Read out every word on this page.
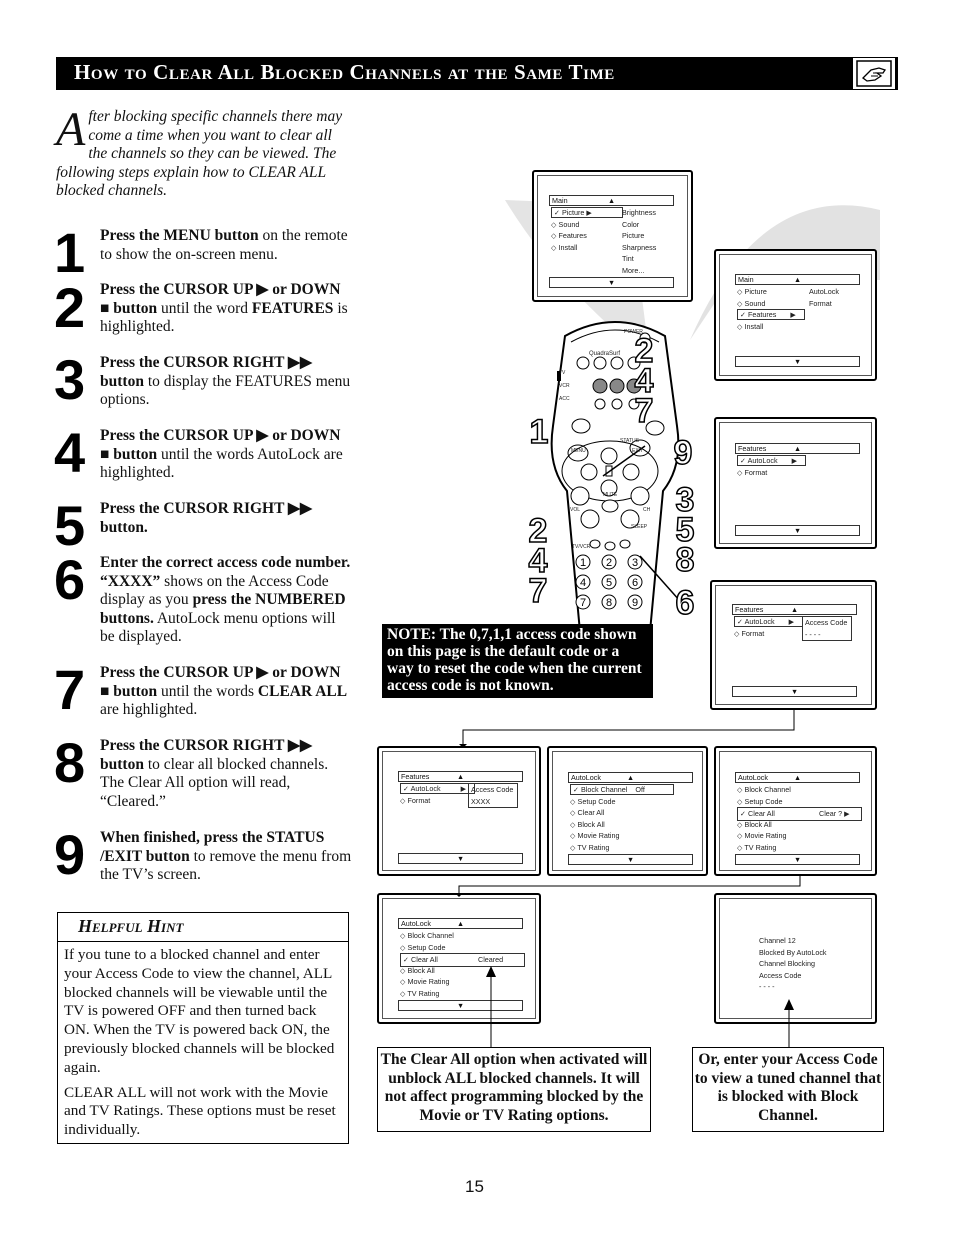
How to Clear All Blocked Channels at the Same Time
After blocking specific channels there may come a time when you want to clear all the channels so they can be viewed. The following steps explain how to CLEAR ALL blocked channels.
1 Press the MENU button on the remote to show the on-screen menu.
2 Press the CURSOR UP ▶ or DOWN ■ button until the word FEATURES is highlighted.
3 Press the CURSOR RIGHT ▶▶ button to display the FEATURES menu options.
4 Press the CURSOR UP ▶ or DOWN ■ button until the words AutoLock are highlighted.
5 Press the CURSOR RIGHT ▶▶ button.
6 Enter the correct access code number. “XXXX” shows on the Access Code display as you press the NUMBERED buttons. AutoLock menu options will be displayed.
7 Press the CURSOR UP ▶ or DOWN ■ button until the words CLEAR ALL are highlighted.
8 Press the CURSOR RIGHT ▶▶ button to clear all blocked channels. The Clear All option will read, “Cleared.”
9 When finished, press the STATUS /EXIT button to remove the menu from the TV’s screen.
Helpful Hint

If you tune to a blocked channel and enter your Access Code to view the channel, ALL blocked channels will be viewable until the TV is powered OFF and then turned back ON. When the TV is powered back ON, the previously blocked channels will be blocked again.

CLEAR ALL will not work with the Movie and TV Ratings. These options must be reset individually.

Main	▲
✓ Picture ▶
◇ Sound
◇ Features
◇ Install
Brightness
Color
Picture
Sharpness
Tint
More...
▼	Main	▲
◇ Picture
◇ Sound
✓ Features       ▶
◇ Install
AutoLock
Format
▼
Features	▲
✓ AutoLock       ▶
◇ Format
▼
Features	▲
✓ AutoLock       ▶
◇ Format
Access Code
- - - -
▼
Features	▲
✓ AutoLock          ▶
◇ Format
Access Code
XXXX
▼
AutoLock	▲
✓ Block Channel Off
◇ Setup Code
◇ Clear All
◇ Block All
◇ Movie Rating
◇ TV Rating
▼
AutoLock	▲
◇ Block Channel
◇ Setup Code
✓ Clear All	Clear ? ▶
◇ Block All
◇ Movie Rating
◇ TV Rating
▼
AutoLock	▲
◇ Block Channel
◇ Setup Code
✓ Clear All	Cleared
◇ Block All
◇ Movie Rating
◇ TV Rating
▼
Channel 12
Blocked By AutoLock
Channel Blocking
Access Code
- - - -
1 2 3
4 5 6
7 8 9
QuadraSurf
POWER
TV
VCR
ACC
MENU	EXIT
STATUS
MUTE
VOL	CH
SLEEP
TV/VCR
2
4
7
1
9
3
5
8
2
4
7	6
NOTE: The 0,7,1,1 access code shown on this page is the default code or a way to reset the code when the current access code is not known.
The Clear All option when activated will unblock ALL blocked channels. It will not affect programming blocked by the Movie or TV Rating options.
Or, enter your Access Code to view a tuned channel that is blocked with Block Channel.
15
